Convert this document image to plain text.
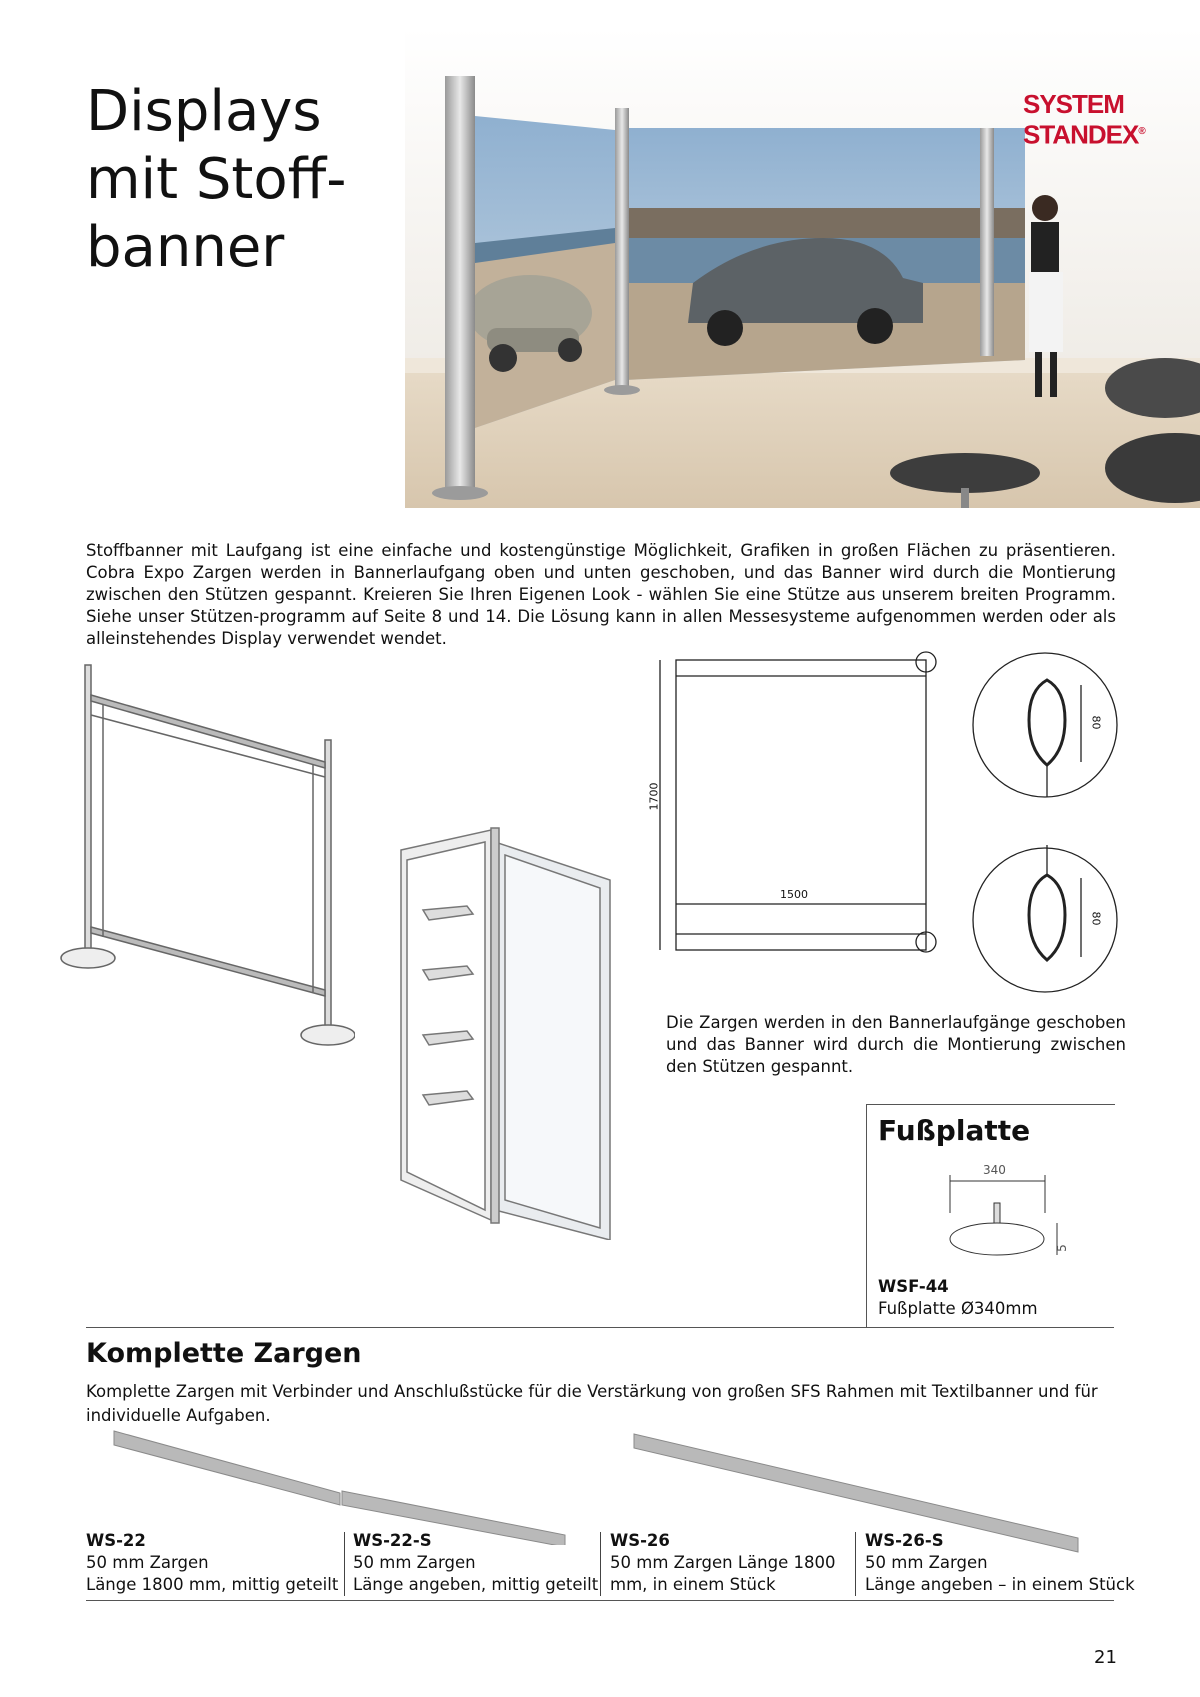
Displays
mit Stoff-
banner
SYSTEM
STANDEX®

Stoffbanner mit Laufgang ist eine einfache und kostengünstige Möglichkeit, Grafiken in großen Flächen zu präsentieren. Cobra Expo Zargen werden in Bannerlaufgang oben und unten geschoben, und das Banner wird durch die Montierung zwischen den Stützen gespannt. Kreieren Sie Ihren Eigenen Look - wählen Sie eine Stütze aus unserem breiten Programm. Siehe unser Stützen-programm auf Seite 8 und 14. Die Lösung kann in allen Messesysteme aufgenommen werden oder als alleinstehendes Display verwendet wendet.

1700
1500
80
80

Die Zargen werden in den Bannerlaufgänge geschoben und das Banner wird durch die Montierung zwischen den Stützen gespannt.

Fußplatte
340
5
WSF-44
Fußplatte Ø340mm
Komplette Zargen

Komplette Zargen mit Verbinder und Anschlußstücke für die Verstärkung von großen SFS Rahmen mit Textilbanner und für individuelle Aufgaben.

WS-22
50 mm Zargen
Länge 1800 mm, mittig geteilt
WS-22-S
50 mm Zargen
Länge angeben, mittig geteilt
WS-26
50 mm Zargen Länge 1800
mm, in einem Stück
WS-26-S
50 mm Zargen
Länge angeben – in einem Stück
21
